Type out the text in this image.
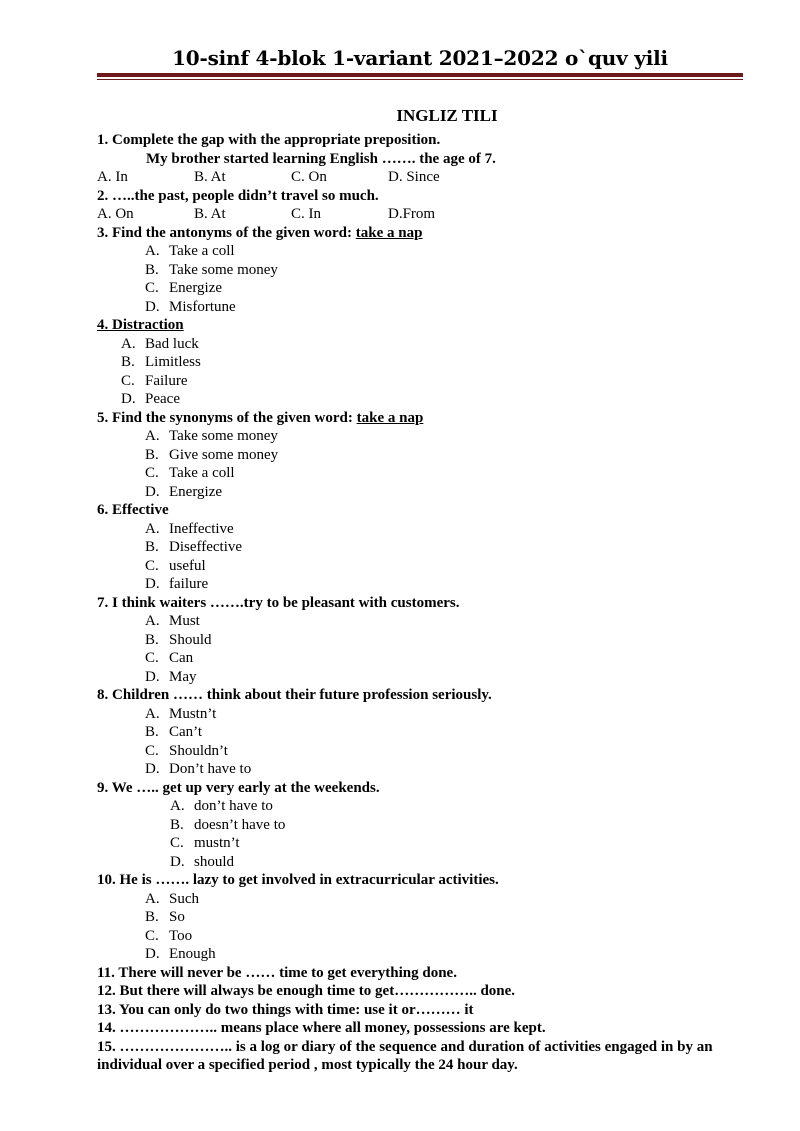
10-sinf 4-blok 1-variant 2021–2022 o`quv yili
INGLIZ TILI
1. Complete the gap with the appropriate preposition.
My brother started learning English ……. the age of 7.
A. In	B. At	C. On	D. Since
2. …..the past, people didn’t travel so much.
A. On	B. At	C. In	D.From
3. Find the antonyms of the given word: take a nap
A. Take a coll
B. Take some money
C. Energize
D. Misfortune
4. Distraction
A. Bad luck
B. Limitless
C. Failure
D. Peace
5. Find the synonyms of the given word: take a nap
A. Take some money
B. Give some money
C. Take a coll
D. Energize
6. Effective
A. Ineffective
B. Diseffective
C. useful
D. failure
7. I think waiters …….try to be pleasant with customers.
A. Must
B. Should
C. Can
D. May
8. Children …… think about their future profession seriously.
A. Mustn’t
B. Can’t
C. Shouldn’t
D. Don’t have to
9. We ….. get up very early at the weekends.
A. don’t have to
B. doesn’t have to
C. mustn’t
D. should
10. He is ……. lazy to get involved in extracurricular activities.
A. Such
B. So
C. Too
D. Enough
11. There will never be …… time to get everything done.
12. But there will always be enough time to get…………….. done.
13. You can only do two things with time: use it or……… it
14. ……………….. means place where all money, possessions are kept.
15. ………………….. is a log or diary of the sequence and duration of activities engaged in by an individual over a specified period , most typically the 24 hour day.
